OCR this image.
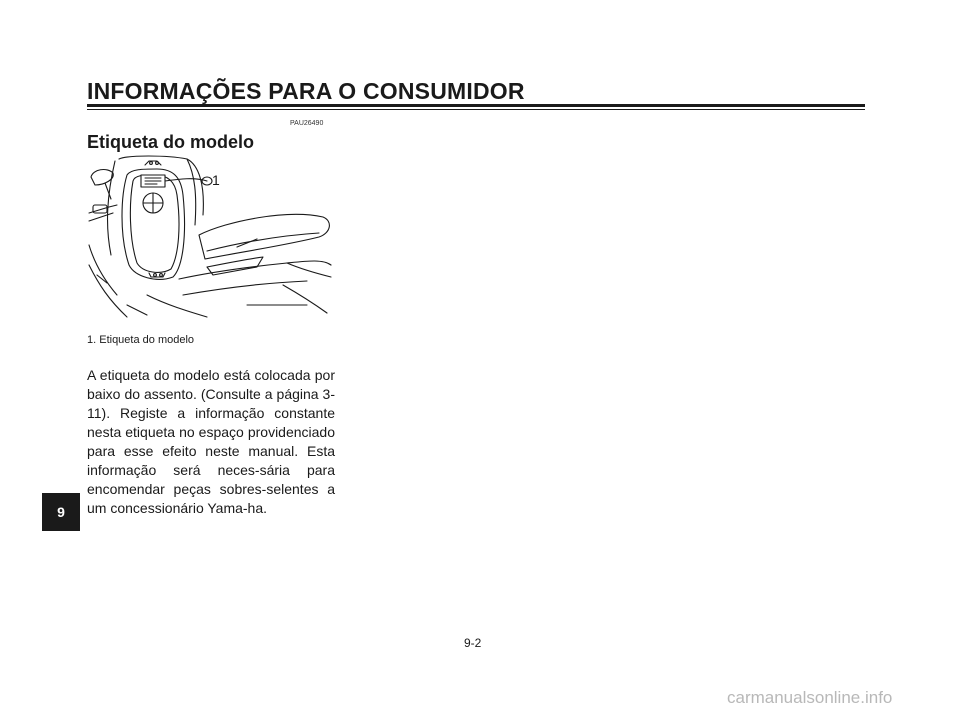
INFORMAÇÕES PARA O CONSUMIDOR
PAU26490
Etiqueta do modelo
1
1. Etiqueta do modelo
A etiqueta do modelo está colocada por baixo do assento. (Consulte a página 3-11). Registe a informação constante nesta etiqueta no espaço providenciado para esse efeito neste manual. Esta informação será neces-sária para encomendar peças sobres-selentes a um concessionário Yama-ha.
9
9-2
carmanualsonline.info
